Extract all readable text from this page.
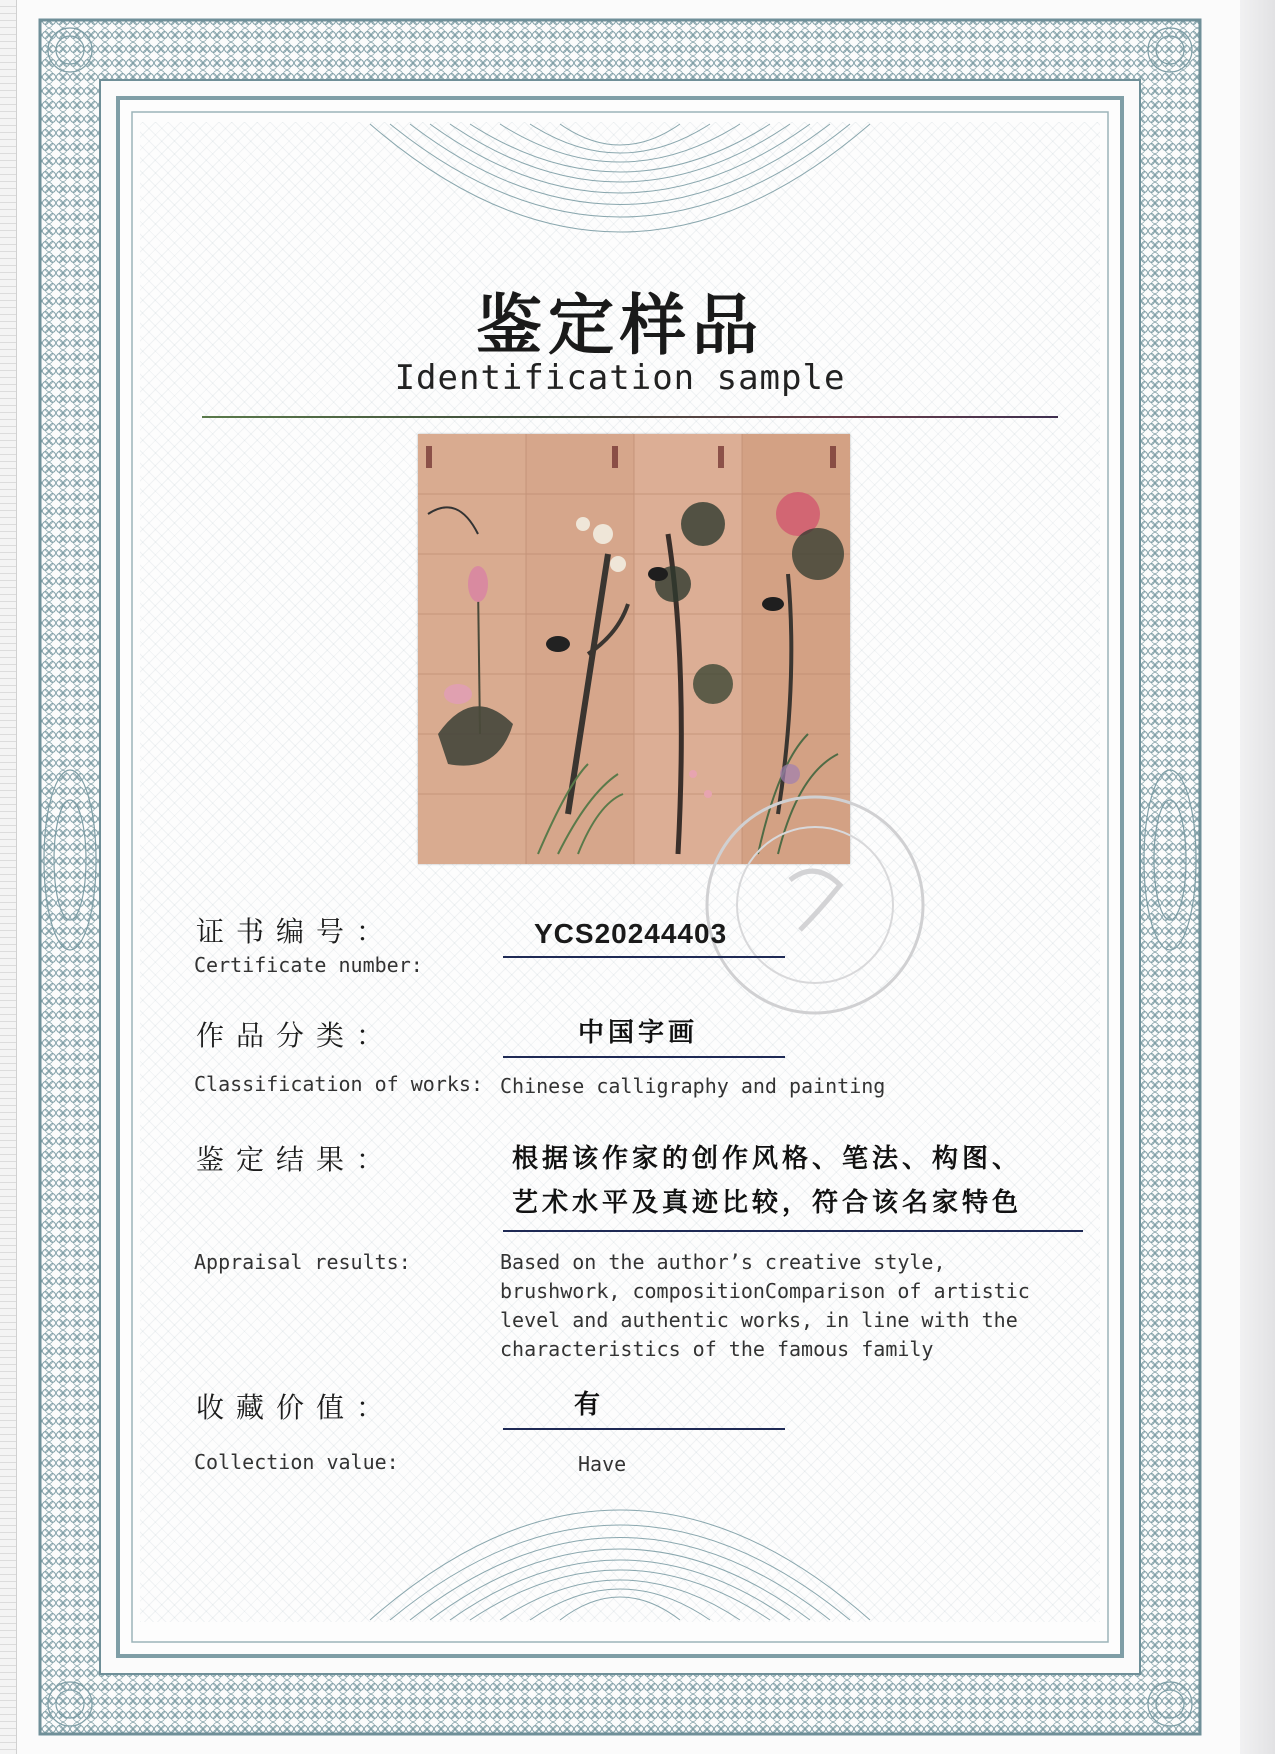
鉴定样品
Identification sample
证书编号：
Certificate number:
YCS20244403
作品分类：	中国字画
Classification of works: Chinese calligraphy and painting
鉴定结果：	根据该作家的创作风格、笔法、构图、
艺术水平及真迹比较，符合该名家特色
Appraisal results:	Based on the author’s creative style,
brushwork, compositionComparison of artistic
level and authentic works, in line with the
characteristics of the famous family
收藏价值：	有
Collection value:	Have
